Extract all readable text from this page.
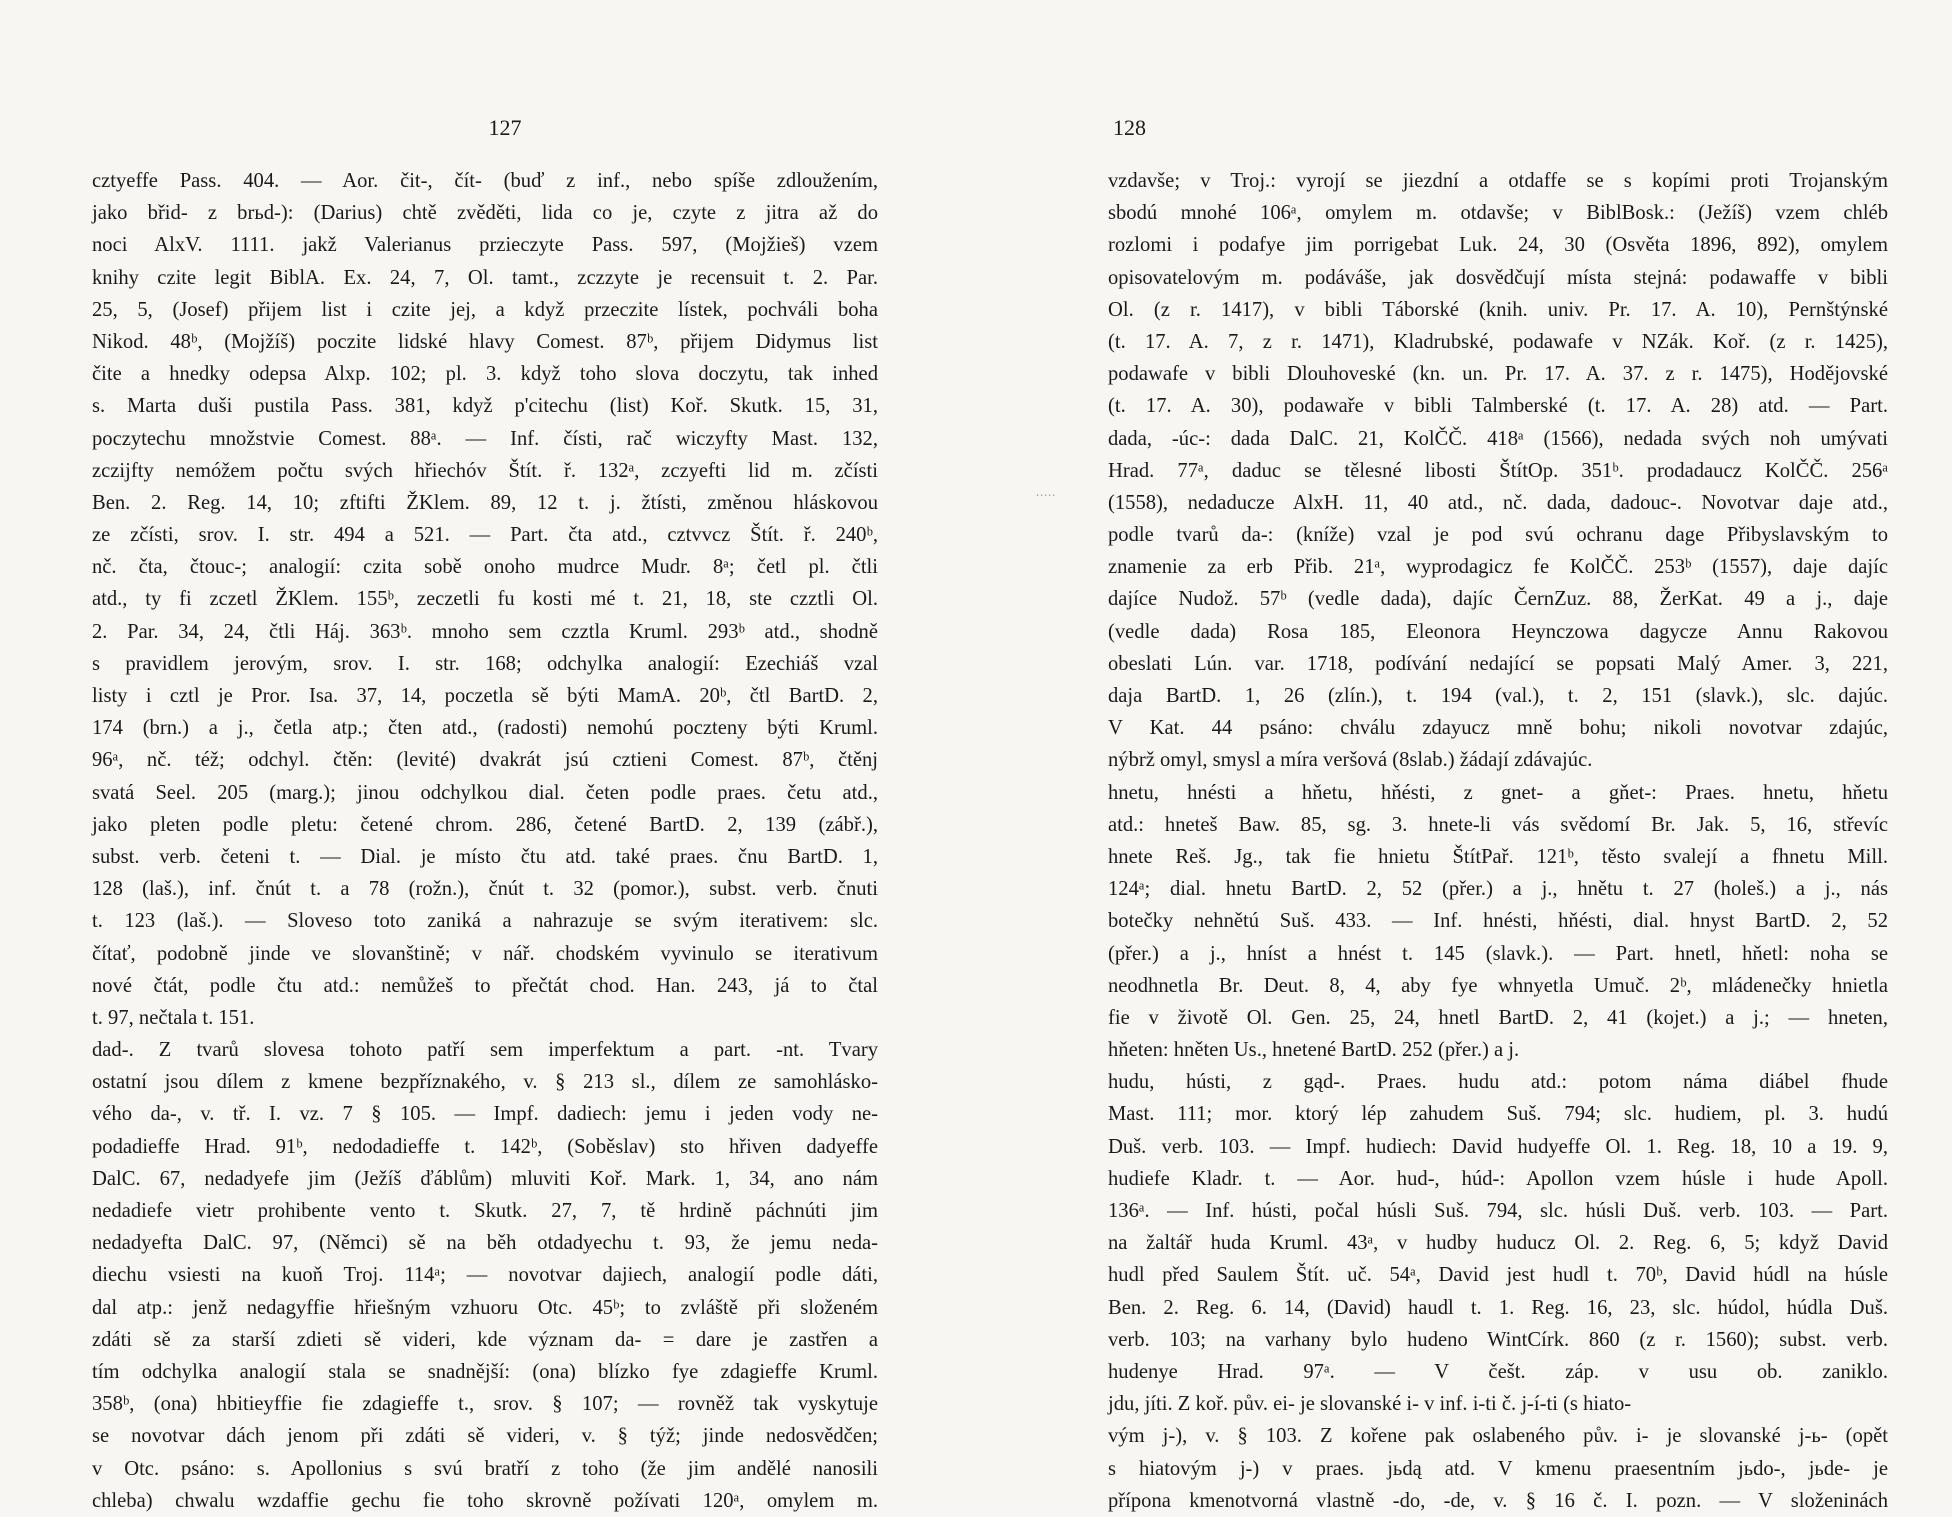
127
cztyeffe Pass. 404. — Aor. čit-, čít- (buď z inf., nebo spíše zdloužením,
jako břid- z brьd-): (Darius) chtě zvěděti, lida co je, czyte z jitra až do
noci AlxV. 1111. jakž Valerianus przieczyte Pass. 597, (Mojžieš) vzem
knihy czite legit BiblA. Ex. 24, 7, Ol. tamt., zczzyte je recensuit t. 2. Par.
25, 5, (Josef) přijem list i czite jej, a když przeczite lístek, pochváli boha
Nikod. 48ᵇ, (Mojžíš) poczite lidské hlavy Comest. 87ᵇ, přijem Didymus list
čite a hnedky odepsa Alxp. 102; pl. 3. když toho slova doczytu, tak inhed
s. Marta duši pustila Pass. 381, když p'citechu (list) Koř. Skutk. 15, 31,
poczytechu množstvie Comest. 88ᵃ. — Inf. čísti, rač wiczyfty Mast. 132,
zczijfty nemóžem počtu svých hřiechóv Štít. ř. 132ᵃ, zczyefti lid m. zčísti
Ben. 2. Reg. 14, 10; zftifti ŽKlem. 89, 12 t. j. žtísti, změnou hláskovou
ze zčísti, srov. I. str. 494 a 521. — Part. čta atd., cztvvcz Štít. ř. 240ᵇ,
nč. čta, čtouc-; analogií: czita sobě onoho mudrce Mudr. 8ᵃ; četl pl. čtli
atd., ty fi zczetl ŽKlem. 155ᵇ, zeczetli fu kosti mé t. 21, 18, ste czztli Ol.
2. Par. 34, 24, čtli Háj. 363ᵇ. mnoho sem czztla Kruml. 293ᵇ atd., shodně
s pravidlem jerovým, srov. I. str. 168; odchylka analogií: Ezechiáš vzal
listy i cztl je Pror. Isa. 37, 14, poczetla sě býti MamA. 20ᵇ, čtl BartD. 2,
174 (brn.) a j., četla atp.; čten atd., (radosti) nemohú poczteny býti Kruml.
96ᵃ, nč. též; odchyl. čtěn: (levité) dvakrát jsú cztieni Comest. 87ᵇ, čtěnj
svatá Seel. 205 (marg.); jinou odchylkou dial. četen podle praes. četu atd.,
jako pleten podle pletu: četené chrom. 286, četené BartD. 2, 139 (zábř.),
subst. verb. četeni t. — Dial. je místo čtu atd. také praes. čnu BartD. 1,
128 (laš.), inf. čnút t. a 78 (rožn.), čnút t. 32 (pomor.), subst. verb. čnuti
t. 123 (laš.). — Sloveso toto zaniká a nahrazuje se svým iterativem: slc.
čítať, podobně jinde ve slovanštině; v nář. chodském vyvinulo se iterativum
nové čtát, podle čtu atd.: nemůžeš to přečtát chod. Han. 243, já to čtal
t. 97, nečtala t. 151.
dad-. Z tvarů slovesa tohoto patří sem imperfektum a part. -nt. Tvary
ostatní jsou dílem z kmene bezpříznakého, v. § 213 sl., dílem ze samohlásko-
vého da-, v. tř. I. vz. 7 § 105. — Impf. dadiech: jemu i jeden vody ne-
podadieffe Hrad. 91ᵇ, nedodadieffe t. 142ᵇ, (Soběslav) sto hřiven dadyeffe
DalC. 67, nedadyefe jim (Ježíš ďáblům) mluviti Koř. Mark. 1, 34, ano nám
nedadiefe vietr prohibente vento t. Skutk. 27, 7, tě hrdině páchnúti jim
nedadyefta DalC. 97, (Němci) sě na běh otdadyechu t. 93, že jemu neda-
diechu vsiesti na kuoň Troj. 114ᵃ; — novotvar dajiech, analogií podle dáti,
dal atp.: jenž nedagyffie hřiešným vzhuoru Otc. 45ᵇ; to zvláště při složeném
zdáti sě za starší zdieti sě videri, kde význam da- = dare je zastřen a
tím odchylka analogií stala se snadnější: (ona) blízko fye zdagieffe Kruml.
358ᵇ, (ona) hbitieyffie fie zdagieffe t., srov. § 107; — rovněž tak vyskytuje
se novotvar dách jenom při zdáti sě videri, v. § týž; jinde nedosvědčen;
v Otc. psáno: s. Apollonius s svú bratří z toho (že jim andělé nanosili
chleba) chwalu wzdaffie gechu fie toho skrovně požívati 120ᵃ, omylem m.
∙∙∙∙∙
128
vzdavše; v Troj.: vyrojí se jiezdní a otdaffe se s kopími proti Trojanským
sbodú mnohé 106ᵃ, omylem m. otdavše; v BiblBosk.: (Ježíš) vzem chléb
rozlomi i podafye jim porrigebat Luk. 24, 30 (Osvěta 1896, 892), omylem
opisovatelovým m. podáváše, jak dosvědčují místa stejná: podawaffe v bibli
Ol. (z r. 1417), v bibli Táborské (knih. univ. Pr. 17. A. 10), Pernštýnské
(t. 17. A. 7, z r. 1471), Kladrubské, podawafe v NZák. Koř. (z r. 1425),
podawafe v bibli Dlouhoveské (kn. un. Pr. 17. A. 37. z r. 1475), Hodějovské
(t. 17. A. 30), podawaře v bibli Talmberské (t. 17. A. 28) atd. — Part.
dada, -úc-: dada DalC. 21, KolČČ. 418ᵃ (1566), nedada svých noh umývati
Hrad. 77ᵃ, daduc se tělesné libosti ŠtítOp. 351ᵇ. prodadaucz KolČČ. 256ᵃ
(1558), nedaducze AlxH. 11, 40 atd., nč. dada, dadouc-. Novotvar daje atd.,
podle tvarů da-: (kníže) vzal je pod svú ochranu dage Přibyslavským to
znamenie za erb Přib. 21ᵃ, wyprodagicz fe KolČČ. 253ᵇ (1557), daje dajíc
dajíce Nudož. 57ᵇ (vedle dada), dajíc ČernZuz. 88, ŽerKat. 49 a j., daje
(vedle dada) Rosa 185, Eleonora Heynczowa dagycze Annu Rakovou
obeslati Lún. var. 1718, podívání nedající se popsati Malý Amer. 3, 221,
daja BartD. 1, 26 (zlín.), t. 194 (val.), t. 2, 151 (slavk.), slc. dajúc.
V Kat. 44 psáno: chválu zdayucz mně bohu; nikoli novotvar zdajúc,
nýbrž omyl, smysl a míra veršová (8slab.) žádají zdávajúc.
hnetu, hnésti a hňetu, hňésti, z gnet- a gňet-: Praes. hnetu, hňetu
atd.: hneteš Baw. 85, sg. 3. hnete-li vás svědomí Br. Jak. 5, 16, střevíc
hnete Reš. Jg., tak fie hnietu ŠtítPař. 121ᵇ, těsto svalejí a fhnetu Mill.
124ᵃ; dial. hnetu BartD. 2, 52 (přer.) a j., hnětu t. 27 (holeš.) a j., nás
botečky nehnětú Suš. 433. — Inf. hnésti, hňésti, dial. hnyst BartD. 2, 52
(přer.) a j., hníst a hnést t. 145 (slavk.). — Part. hnetl, hňetl: noha se
neodhnetla Br. Deut. 8, 4, aby fye whnyetla Umuč. 2ᵇ, mládenečky hnietla
fie v životě Ol. Gen. 25, 24, hnetl BartD. 2, 41 (kojet.) a j.; — hneten,
hňeten: hněten Us., hnetené BartD. 252 (přer.) a j.
hudu, hústi, z gąd-. Praes. hudu atd.: potom náma diábel fhude
Mast. 111; mor. ktorý lép zahudem Suš. 794; slc. hudiem, pl. 3. hudú
Duš. verb. 103. — Impf. hudiech: David hudyeffe Ol. 1. Reg. 18, 10 a 19. 9,
hudiefe Kladr. t. — Aor. hud-, húd-: Apollon vzem húsle i hude Apoll.
136ᵃ. — Inf. hústi, počal húsli Suš. 794, slc. húsli Duš. verb. 103. — Part.
na žaltář huda Kruml. 43ᵃ, v hudby huducz Ol. 2. Reg. 6, 5; když David
hudl před Saulem Štít. uč. 54ᵃ, David jest hudl t. 70ᵇ, David húdl na húsle
Ben. 2. Reg. 6. 14, (David) haudl t. 1. Reg. 16, 23, slc. húdol, húdla Duš.
verb. 103; na varhany bylo hudeno WintCírk. 860 (z r. 1560); subst. verb.
hudenye Hrad. 97ᵃ. — V češt. záp. v usu ob. zaniklo.
jdu, jíti. Z koř. pův. ei- je slovanské i- v inf. i-ti č. j-í-ti (s hiato-
vým j-), v. § 103. Z kořene pak oslabeného pův. i- je slovanské j-ь- (opět
s hiatovým j-) v praes. jьdą atd. V kmenu praesentním jьdo-, jьde- je
přípona kmenotvorná vlastně -do, -de, v. § 16 č. I. pozn. — V složeninách
